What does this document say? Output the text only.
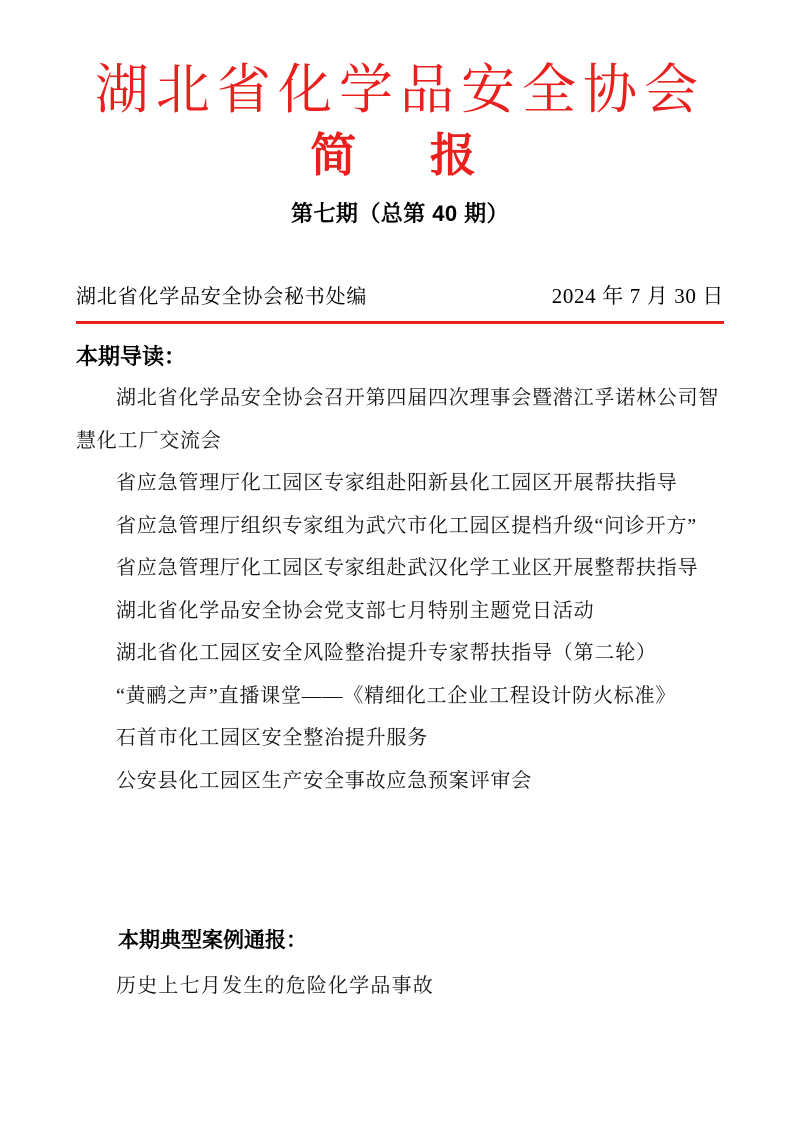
湖北省化学品安全协会
简　报
第七期（总第 40 期）
湖北省化学品安全协会秘书处编	2024 年 7 月 30 日
本期导读：

湖北省化学品安全协会召开第四届四次理事会暨潜江孚诺林公司智慧化工厂交流会

省应急管理厅化工园区专家组赴阳新县化工园区开展帮扶指导

省应急管理厅组织专家组为武穴市化工园区提档升级“问诊开方”

省应急管理厅化工园区专家组赴武汉化学工业区开展整帮扶指导

湖北省化学品安全协会党支部七月特别主题党日活动

湖北省化工园区安全风险整治提升专家帮扶指导（第二轮）

“黄鹂之声”直播课堂——《精细化工企业工程设计防火标准》

石首市化工园区安全整治提升服务

公安县化工园区生产安全事故应急预案评审会

本期典型案例通报：

历史上七月发生的危险化学品事故
